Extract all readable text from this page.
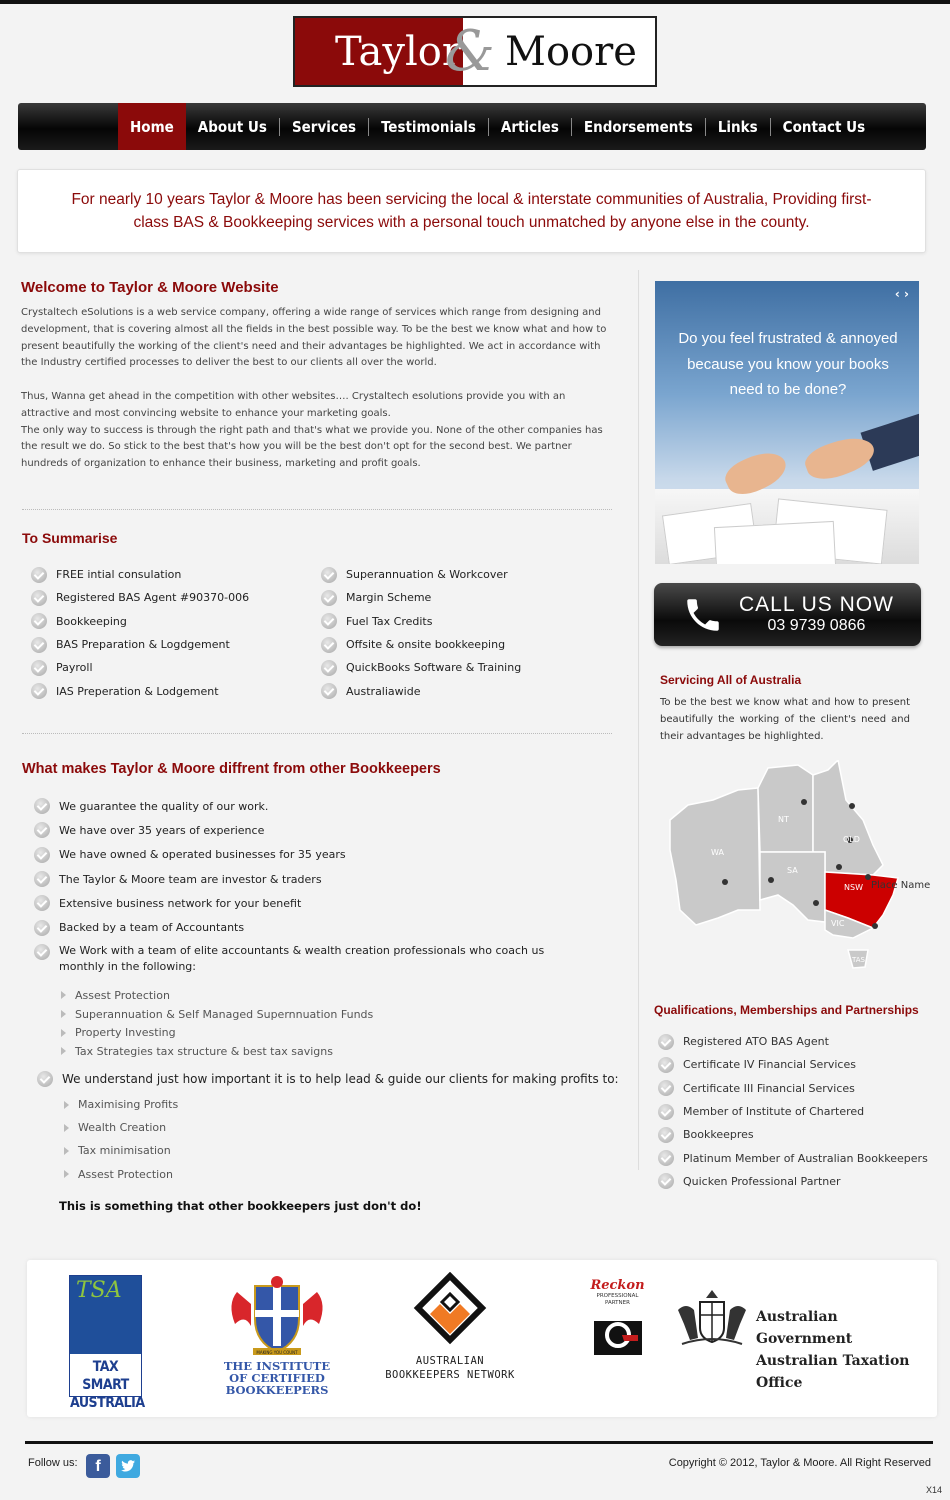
Taylor	Moore
&
Home	About Us	Services	Testimonials	Articles	Endorsements	Links	Contact Us
For nearly 10 years Taylor & Moore has been servicing the local & interstate communities of Australia, Providing first-class BAS & Bookkeeping services with a personal touch unmatched by anyone else in the county.
Welcome to Taylor & Moore Website

Crystaltech eSolutions is a web service company, offering a wide range of services which range from designing and development, that is covering almost all the fields in the best possible way. To be the best we know what and how to present beautifully the working of the client's need and their advantages be highlighted. We act in accordance with the Industry certified processes to deliver the best to our clients all over the world.

Thus, Wanna get ahead in the competition with other websites…. Crystaltech esolutions provide you with an attractive and most convincing website to enhance your marketing goals.

The only way to success is through the right path and that's what we provide you. None of the other companies has the result we do. So stick to the best that's how you will be the best don't opt for the second best. We partner hundreds of organization to enhance their business, marketing and profit goals.

To Summarise
FREE intial consulation
Registered BAS Agent #90370-006
Bookkeeping
BAS Preparation & Logdgement
Payroll
IAS Preperation & Lodgement
Superannuation & Workcover
Margin Scheme
Fuel Tax Credits
Offsite & onsite bookkeeping
QuickBooks Software & Training
Australiawide
What makes Taylor & Moore diffrent from other Bookkeepers
We guarantee the quality of our work.
We have over 35 years of experience
We have owned & operated businesses for 35 years
The Taylor & Moore team are investor & traders
Extensive business network for your benefit
Backed by a team of Accountants
We Work with a team of elite accountants & wealth creation professionals who coach us monthly in the following:
Assest Protection
Superannuation & Self Managed Supernnuation Funds
Property Investing
Tax Strategies tax structure & best tax savigns
We understand just how important it is to help lead & guide our clients for making profits to:
Maximising Profits
Wealth Creation
Tax minimisation
Assest Protection
This is something that other bookkeepers just don't do!
‹ ›
Do you feel frustrated & annoyed because you know your books need to be done?
CALL US NOW
03 9739 0866
Servicing All of Australia
To be the best we know what and how to present beautifully the working of the client's need and their advantages be highlighted.
WA
NT
QLD
SA
NSW
VIC
TAS
Place Name
Qualifications, Memberships and Partnerships
Registered ATO BAS Agent
Certificate IV Financial Services
Certificate III Financial Services
Member of Institute of Chartered
Bookkeepres
Platinum Member of Australian Bookkeepers
Quicken Professional Partner
TSA
TAX SMART
AUSTRALIA
MAKING YOU COUNT
THE INSTITUTE
OF CERTIFIED
BOOKKEEPERS
AUSTRALIAN
BOOKKEEPERS NETWORK
Reckon
PROFESSIONAL PARTNER
Australian Government
Australian Taxation Office
Follow us:	f	Copyright © 2012, Taylor & Moore. All Right Reserved
X14
